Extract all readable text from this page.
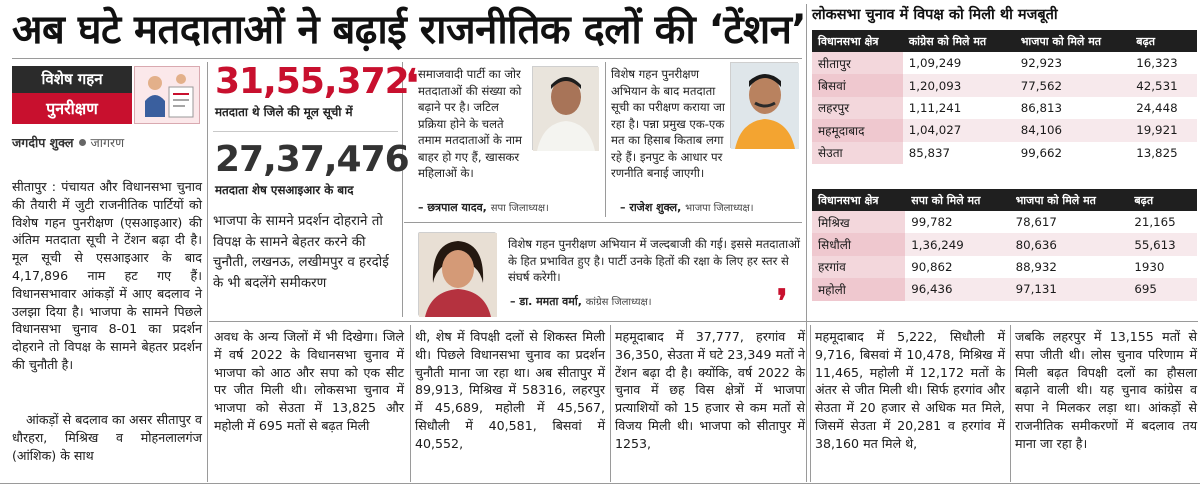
अब घटे मतदाताओं ने बढ़ाई राजनीतिक दलों की ‘टेंशन’
विशेष गहन
पुनरीक्षण
जगदीप शुक्ल जागरण
सीतापुर : पंचायत और विधानसभा चुनाव की तैयारी में जुटी राजनीतिक पार्टियों को विशेष गहन पुनरीक्षण (एसआइआर) की अंतिम मतदाता सूची ने टेंशन बढ़ा दी है। मूल सूची से एसआइआर के बाद 4,17,896 नाम हट गए हैं। विधानसभावार आंकड़ों में आए बदलाव ने उलझा दिया है। भाजपा के सामने पिछले विधानसभा चुनाव 8-01 का प्रदर्शन दोहराने तो विपक्ष के सामने बेहतर प्रदर्शन की चुनौती है।
आंकड़ों से बदलाव का असर सीतापुर व धौरहरा, मिश्रिख व मोहनलालगंज (आंशिक) के साथ
31,55,372
मतदाता थे जिले की मूल सूची में
27,37,476
मतदाता शेष एसआइआर के बाद
भाजपा के सामने प्रदर्शन दोहराने तो विपक्ष के सामने बेहतर करने की चुनौती, लखनऊ, लखीमपुर व हरदोई के भी बदलेंगे समीकरण
❛ समाजवादी पार्टी का जोर मतदाताओं की संख्या को बढ़ाने पर है। जटिल प्रक्रिया होने के चलते तमाम मतदाताओं के नाम बाहर हो गए हैं, खासकर महिलाओं के।
– छत्रपाल यादव, सपा जिलाध्यक्ष।
विशेष गहन पुनरीक्षण अभियान के बाद मतदाता सूची का परीक्षण कराया जा रहा है। पन्ना प्रमुख एक-एक मत का हिसाब किताब लगा रहे हैं। इनपुट के आधार पर रणनीति बनाई जाएगी।
– राजेश शुक्ल, भाजपा जिलाध्यक्ष।
विशेष गहन पुनरीक्षण अभियान में जल्दबाजी की गई। इससे मतदाताओं के हित प्रभावित हुए है। पार्टी उनके हितों की रक्षा के लिए हर स्तर से संघर्ष करेगी।
– डा. ममता वर्मा, कांग्रेस जिलाध्यक्ष।	❜
अवध के अन्य जिलों में भी दिखेगा। जिले में वर्ष 2022 के विधानसभा चुनाव में भाजपा को आठ और सपा को एक सीट पर जीत मिली थी। लोकसभा चुनाव में भाजपा को सेउता में 13,825 और महोली में 695 मतों से बढ़त मिली
थी, शेष में विपक्षी दलों से शिकस्त मिली थी। पिछले विधानसभा चुनाव का प्रदर्शन चुनौती माना जा रहा था। अब सीतापुर में 89,913, मिश्रिख में 58316, लहरपुर में 45,689, महोली में 45,567, सिधौली में 40,581, बिसवां में 40,552,
महमूदाबाद में 37,777, हरगांव में 36,350, सेउता में घटे 23,349 मतों ने टेंशन बढ़ा दी है। क्योंकि, वर्ष 2022 के चुनाव में छह विस क्षेत्रों में भाजपा प्रत्याशियों को 15 हजार से कम मतों से विजय मिली थी। भाजपा को सीतापुर में 1253,
महमूदाबाद में 5,222, सिधौली में 9,716, बिसवां में 10,478, मिश्रिख में 11,465, महोली में 12,172 मतों के अंतर से जीत मिली थी। सिर्फ हरगांव और सेउता में 20 हजार से अधिक मत मिले, जिसमें सेउता में 20,281 व हरगांव में 38,160 मत मिले थे,
जबकि लहरपुर में 13,155 मतों से सपा जीती थी। लोस चुनाव परिणाम में मिली बढ़त विपक्षी दलों का हौसला बढ़ाने वाली थी। यह चुनाव कांग्रेस व सपा ने मिलकर लड़ा था। आंकड़ों से राजनीतिक समीकरणों में बदलाव तय माना जा रहा है।
लोकसभा चुनाव में विपक्ष को मिली थी मजबूती
विधानसभा क्षेत्र	कांग्रेस को मिले मत	भाजपा को मिले मत	बढ़त
सीतापुर	1,09,249	92,923	16,323
बिसवां	1,20,093	77,562	42,531
लहरपुर	1,11,241	86,813	24,448
महमूदाबाद	1,04,027	84,106	19,921
सेउता	85,837	99,662	13,825
विधानसभा क्षेत्र	सपा को मिले मत	भाजपा को मिले मत	बढ़त
मिश्रिख	99,782	78,617	21,165
सिधौली	1,36,249	80,636	55,613
हरगांव	90,862	88,932	1930
महोली	96,436	97,131	695
